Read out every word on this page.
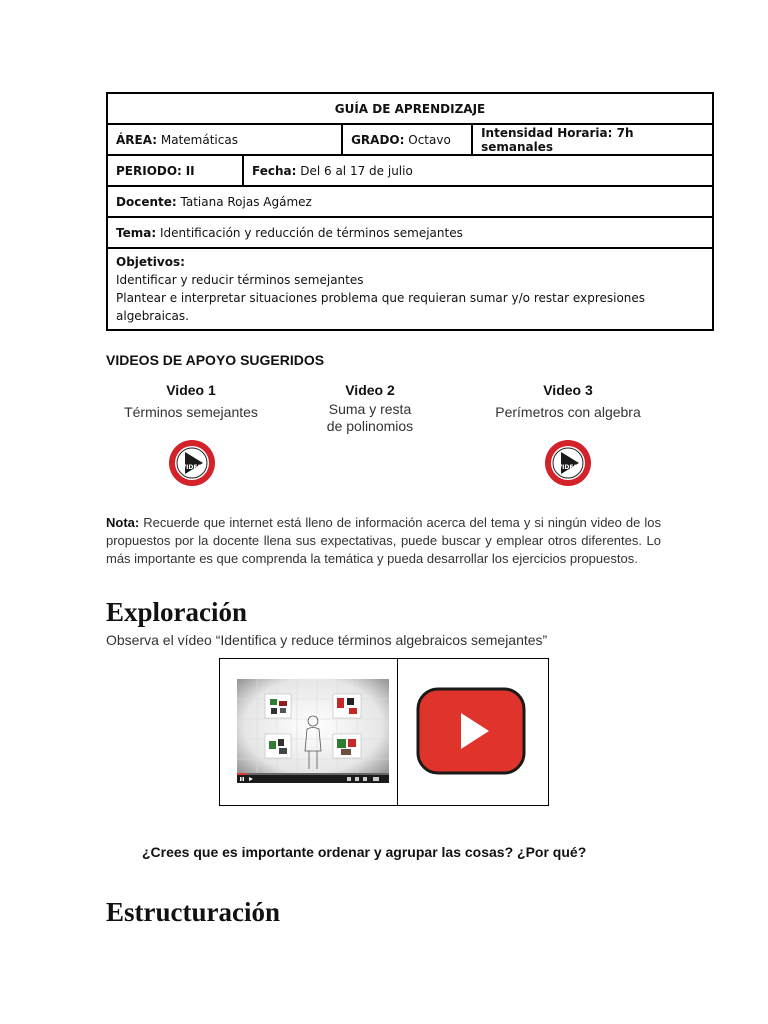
GUÍA DE APRENDIZAJE			
ÁREA: Matemáticas		GRADO: Octavo	Intensidad Horaria: 7h semanales
PERIODO: II	Fecha: Del 6 al 17 de julio		
Docente: Tatiana Rojas Agámez			
Tema: Identificación y reducción de términos semejantes			

Objetivos:
Identificar y reducir términos semejantes
Plantear e interpretar situaciones problema que requieran sumar y/o restar expresiones algebraicas.			
VIDEOS DE APOYO SUGERIDOS
Video 1
Términos semejantes
Video 2
Suma y resta de polinomios
Video 3
Perímetros con algebra
VIDEO	VIDEO
Nota: Recuerde que internet está lleno de información acerca del tema y si ningún video de los propuestos por la docente llena sus expectativas, puede buscar y emplear otros diferentes. Lo más importante es que comprenda la temática y pueda desarrollar los ejercicios propuestos.
Exploración
Observa el vídeo “Identifica y reduce términos algebraicos semejantes”
¿Crees que es importante ordenar y agrupar las cosas? ¿Por qué?
Estructuración
